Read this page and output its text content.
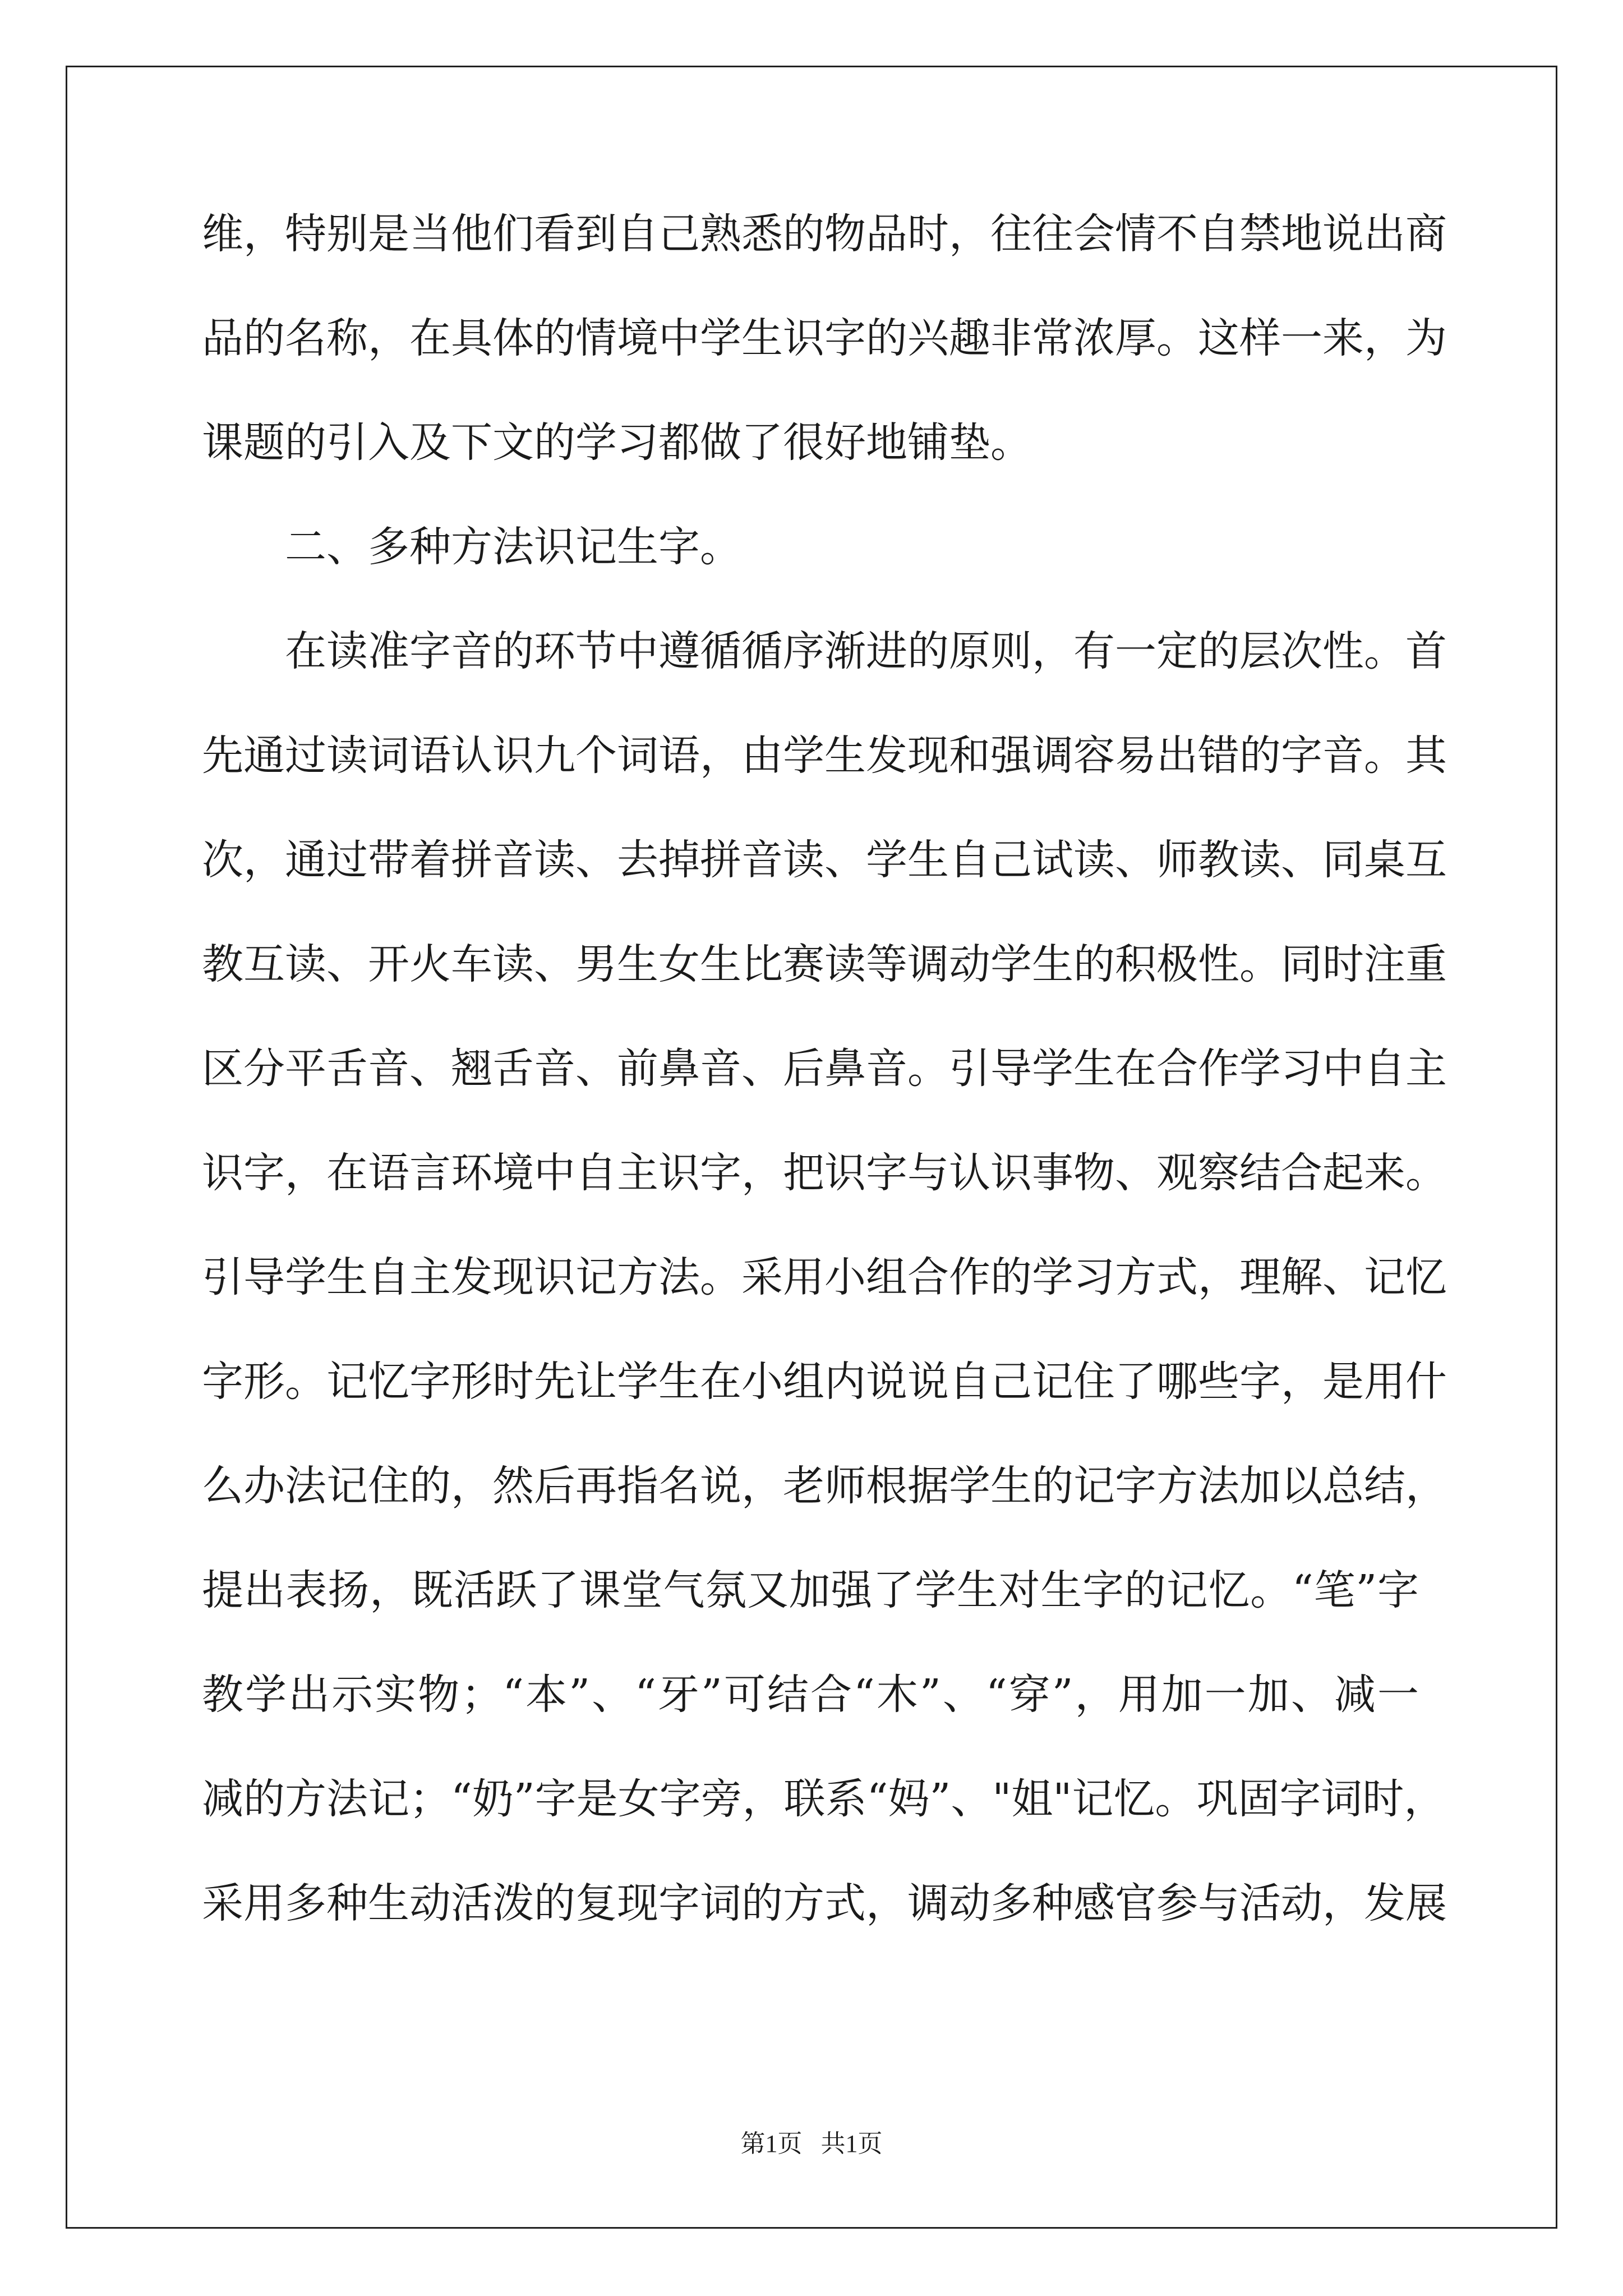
维，特别是当他们看到自己熟悉的物品时，往往会情不自禁地说出商
品的名称，在具体的情境中学生识字的兴趣非常浓厚。这样一来，为
课题的引入及下文的学习都做了很好地铺垫。
二、多种方法识记生字。
在读准字音的环节中遵循循序渐进的原则，有一定的层次性。首
先通过读词语认识九个词语，由学生发现和强调容易出错的字音。其
次，通过带着拼音读、去掉拼音读、学生自己试读、师教读、同桌互
教互读、开火车读、男生女生比赛读等调动学生的积极性。同时注重
区分平舌音、翘舌音、前鼻音、后鼻音。引导学生在合作学习中自主
识字，在语言环境中自主识字，把识字与认识事物、观察结合起来。
引导学生自主发现识记方法。采用小组合作的学习方式，理解、记忆
字形。记忆字形时先让学生在小组内说说自己记住了哪些字，是用什
么办法记住的，然后再指名说，老师根据学生的记字方法加以总结，
提出表扬，既活跃了课堂气氛又加强了学生对生字的记忆。“笔”字
教学出示实物；“本”、“牙”可结合“木”、“穿”，用加一加、减一
减的方法记；“奶”字是女字旁，联系“妈”、"姐"记忆。巩固字词时，
采用多种生动活泼的复现字词的方式，调动多种感官参与活动，发展
第1页   共1页
